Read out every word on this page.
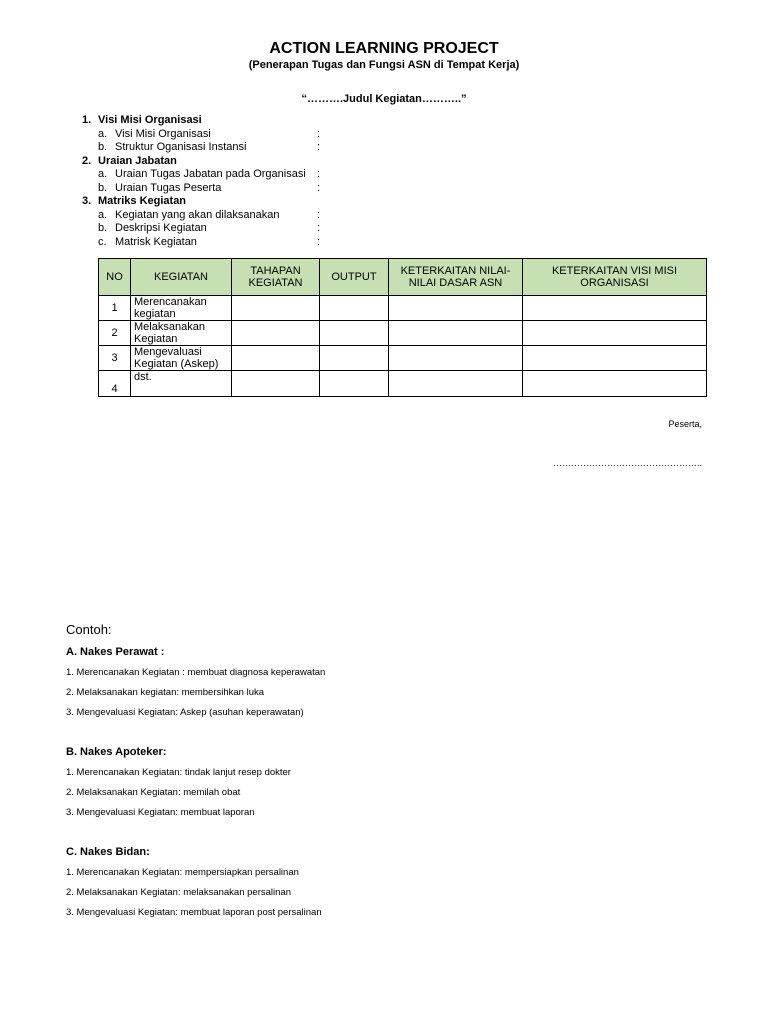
ACTION LEARNING PROJECT
(Penerapan Tugas dan Fungsi ASN di Tempat Kerja)
“……….Judul Kegiatan………..”
1. Visi Misi Organisasi
a. Visi Misi Organisasi	:
b. Struktur Oganisasi Instansi	:
2. Uraian Jabatan
a. Uraian Tugas Jabatan pada Organisasi :
b. Uraian Tugas Peserta	:
3. Matriks Kegiatan
a. Kegiatan yang akan dilaksanakan	:
b. Deskripsi Kegiatan	:
c. Matrisk Kegiatan	:
NO	KEGIATAN	TAHAPAN KEGIATAN	OUTPUT	KETERKAITAN NILAI-NILAI DASAR ASN	KETERKAITAN VISI MISI ORGANISASI
1	Merencanakan kegiatan				
2	Melaksanakan Kegiatan				
3	Mengevaluasi Kegiatan (Askep)				
4	dst.				
Peserta,
…………………………………………..
Contoh:
A. Nakes Perawat :
1. Merencanakan Kegiatan : membuat diagnosa keperawatan
2. Melaksanakan kegiatan: membersihkan luka
3. Mengevaluasi Kegiatan: Askep (asuhan keperawatan)
B. Nakes Apoteker:
1. Merencanakan Kegiatan: tindak lanjut resep dokter
2. Melaksanakan Kegiatan: memilah obat
3. Mengevaluasi Kegiatan: membuat laporan
C. Nakes Bidan:
1. Merencanakan Kegiatan: mempersiapkan persalinan
2. Melaksanakan Kegiatan: melaksanakan persalinan
3. Mengevaluasi Kegiatan: membuat laporan post persalinan
